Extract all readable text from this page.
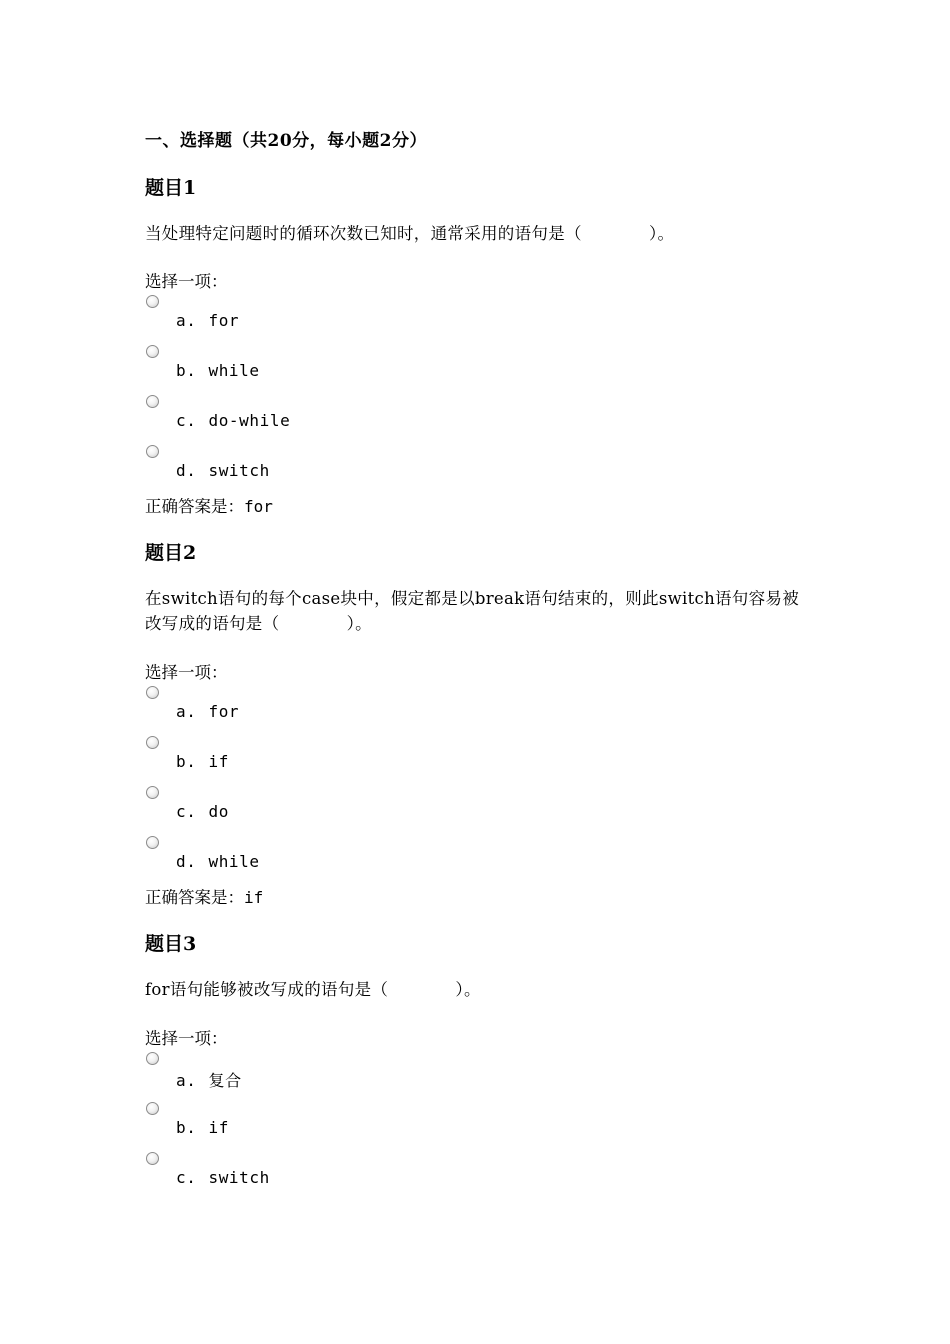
一、选择题（共20分，每小题2分）
题目1
当处理特定问题时的循环次数已知时，通常采用的语句是（　　　　）。
选择一项：
a. for
b. while
c. do-while
d. switch
正确答案是：for
题目2
在switch语句的每个case块中，假定都是以break语句结束的，则此switch语句容易被改写成的语句是（　　　　）。
选择一项：
a. for
b. if
c. do
d. while
正确答案是：if
题目3
for语句能够被改写成的语句是（　　　　）。
选择一项：
a. 复合
b. if
c. switch
